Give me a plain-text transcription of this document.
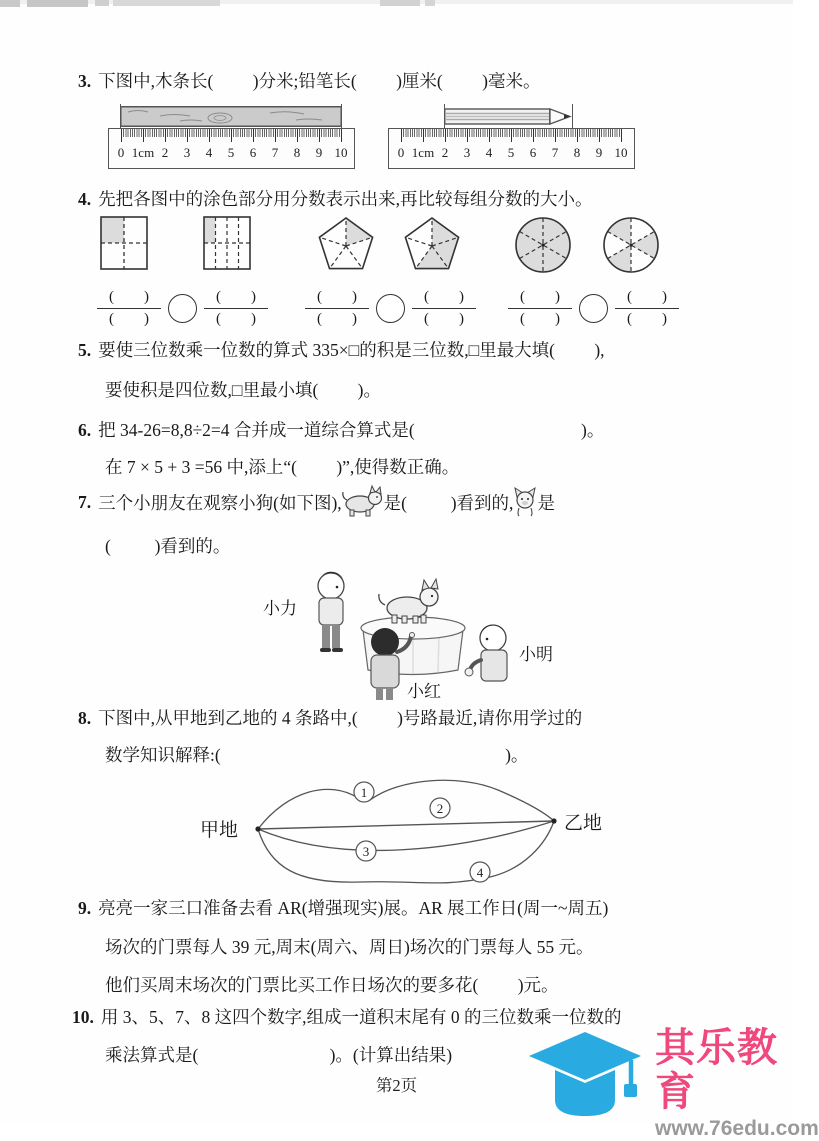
3. 下图中,木条长(         )分米;铅笔长(         )厘米(         )毫米。
0 1cm 2 3 4 5 6 7 8 9 10	0 1cm 2 3 4 5 6 7 8 9 10
4. 先把各图中的涂色部分用分数表示出来,再比较每组分数的大小。
$\frac{( )}{( )}$	$\frac{( )}{( )} \frac{( )}{( )}$	$\frac{( )}{( )} \frac{( )}{( )}$	$\frac{( )}{( )}$
5. 要使三位数乘一位数的算式 335×□的积是三位数,□里最大填(         ),
要使积是四位数,□里最小填(         )。
6. 把 34-26=8,8÷2=4 合并成一道综合算式是(                                      )。
在 7 × 5 + 3 =56 中,添上“(         )”,使得数正确。
7. 三个小朋友在观察小狗(如下图), 是(          )看到的, 是
(          )看到的。
小力
小红
小明
8. 下图中,从甲地到乙地的 4 条路中,(         )号路最近,请你用学过的
数学知识解释:(                                                                 )。
甲地	乙地
1
2
3
4
9. 亮亮一家三口准备去看 AR(增强现实)展。AR 展工作日(周一~周五)
场次的门票每人 39 元,周末(周六、周日)场次的门票每人 55 元。
他们买周末场次的门票比买工作日场次的要多花(         )元。
10. 用 3、5、7、8 这四个数字,组成一道积末尾有 0 的三位数乘一位数的
乘法算式是(                              )。(计算出结果)
第2页
其乐教育
www.76edu.com
